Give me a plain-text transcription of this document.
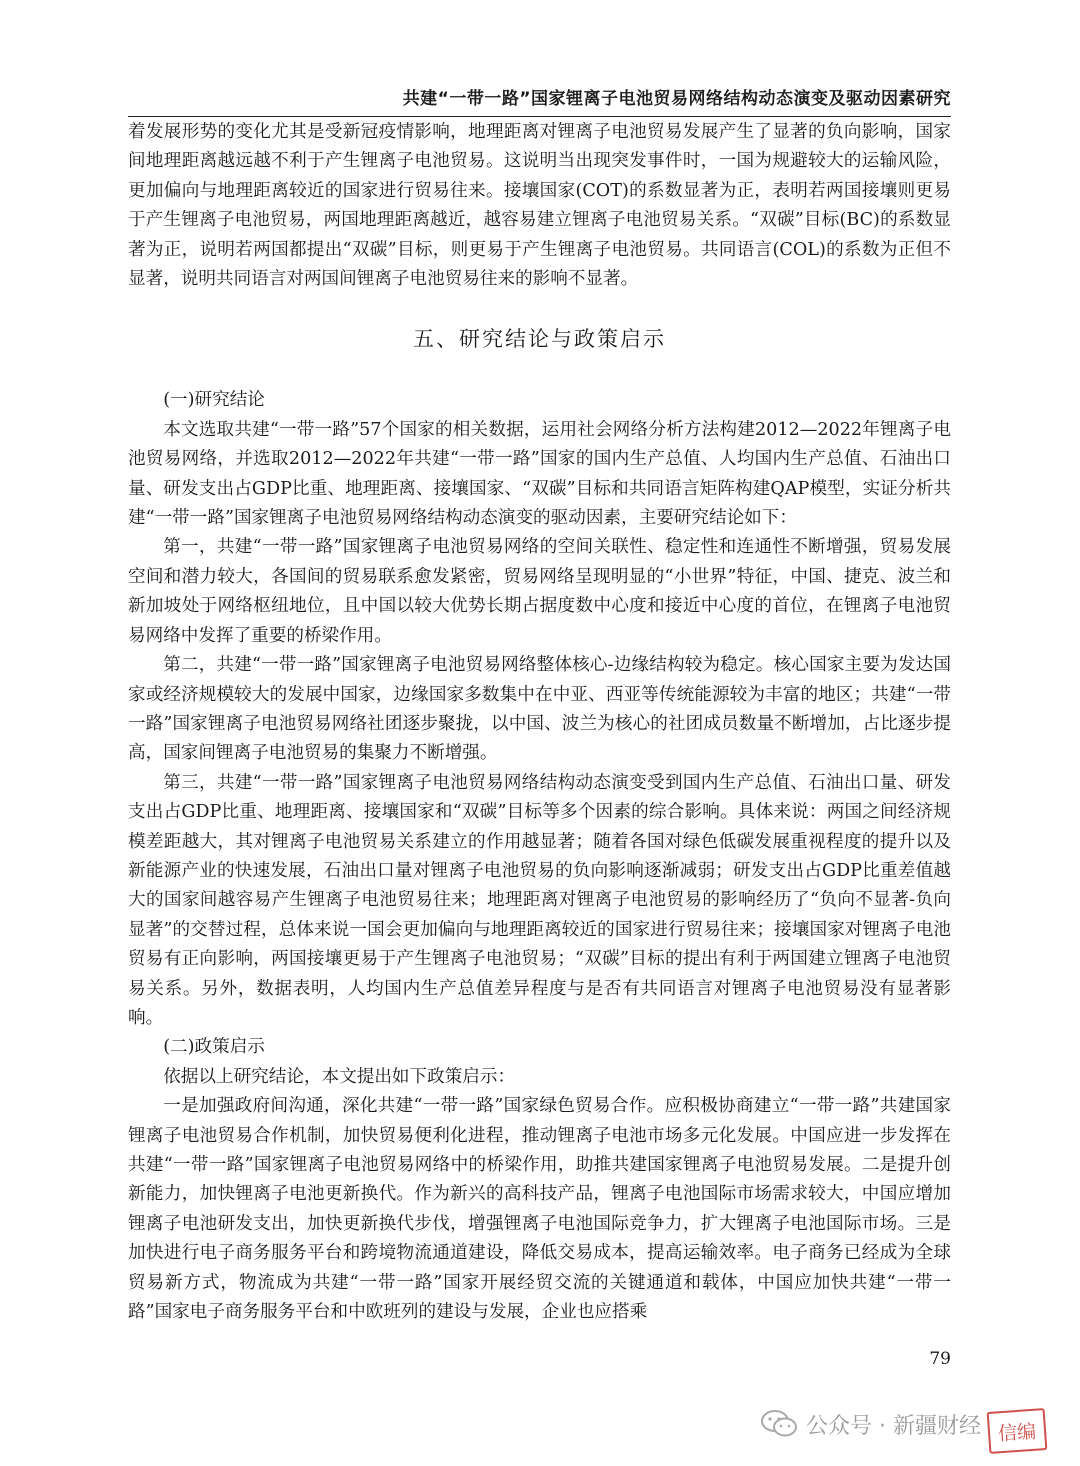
共建“一带一路”国家锂离子电池贸易网络结构动态演变及驱动因素研究

着发展形势的变化尤其是受新冠疫情影响，地理距离对锂离子电池贸易发展产生了显著的负向影响，国家间地理距离越远越不利于产生锂离子电池贸易。这说明当出现突发事件时，一国为规避较大的运输风险，更加偏向与地理距离较近的国家进行贸易往来。接壤国家(COT)的系数显著为正，表明若两国接壤则更易于产生锂离子电池贸易，两国地理距离越近，越容易建立锂离子电池贸易关系。“双碳”目标(BC)的系数显著为正，说明若两国都提出“双碳”目标，则更易于产生锂离子电池贸易。共同语言(COL)的系数为正但不显著，说明共同语言对两国间锂离子电池贸易往来的影响不显著。

五、研究结论与政策启示

(一)研究结论

本文选取共建“一带一路”57个国家的相关数据，运用社会网络分析方法构建2012—2022年锂离子电池贸易网络，并选取2012—2022年共建“一带一路”国家的国内生产总值、人均国内生产总值、石油出口量、研发支出占GDP比重、地理距离、接壤国家、“双碳”目标和共同语言矩阵构建QAP模型，实证分析共建“一带一路”国家锂离子电池贸易网络结构动态演变的驱动因素，主要研究结论如下：

第一，共建“一带一路”国家锂离子电池贸易网络的空间关联性、稳定性和连通性不断增强，贸易发展空间和潜力较大，各国间的贸易联系愈发紧密，贸易网络呈现明显的“小世界”特征，中国、捷克、波兰和新加坡处于网络枢纽地位，且中国以较大优势长期占据度数中心度和接近中心度的首位，在锂离子电池贸易网络中发挥了重要的桥梁作用。

第二，共建“一带一路”国家锂离子电池贸易网络整体核心-边缘结构较为稳定。核心国家主要为发达国家或经济规模较大的发展中国家，边缘国家多数集中在中亚、西亚等传统能源较为丰富的地区；共建“一带一路”国家锂离子电池贸易网络社团逐步聚拢，以中国、波兰为核心的社团成员数量不断增加，占比逐步提高，国家间锂离子电池贸易的集聚力不断增强。

第三，共建“一带一路”国家锂离子电池贸易网络结构动态演变受到国内生产总值、石油出口量、研发支出占GDP比重、地理距离、接壤国家和“双碳”目标等多个因素的综合影响。具体来说：两国之间经济规模差距越大，其对锂离子电池贸易关系建立的作用越显著；随着各国对绿色低碳发展重视程度的提升以及新能源产业的快速发展，石油出口量对锂离子电池贸易的负向影响逐渐减弱；研发支出占GDP比重差值越大的国家间越容易产生锂离子电池贸易往来；地理距离对锂离子电池贸易的影响经历了“负向不显著-负向显著”的交替过程，总体来说一国会更加偏向与地理距离较近的国家进行贸易往来；接壤国家对锂离子电池贸易有正向影响，两国接壤更易于产生锂离子电池贸易；“双碳”目标的提出有利于两国建立锂离子电池贸易关系。另外，数据表明，人均国内生产总值差异程度与是否有共同语言对锂离子电池贸易没有显著影响。

(二)政策启示

依据以上研究结论，本文提出如下政策启示：

一是加强政府间沟通，深化共建“一带一路”国家绿色贸易合作。应积极协商建立“一带一路”共建国家锂离子电池贸易合作机制，加快贸易便利化进程，推动锂离子电池市场多元化发展。中国应进一步发挥在共建“一带一路”国家锂离子电池贸易网络中的桥梁作用，助推共建国家锂离子电池贸易发展。二是提升创新能力，加快锂离子电池更新换代。作为新兴的高科技产品，锂离子电池国际市场需求较大，中国应增加锂离子电池研发支出，加快更新换代步伐，增强锂离子电池国际竞争力，扩大锂离子电池国际市场。三是加快进行电子商务服务平台和跨境物流通道建设，降低交易成本，提高运输效率。电子商务已经成为全球贸易新方式，物流成为共建“一带一路”国家开展经贸交流的关键通道和载体，中国应加快共建“一带一路”国家电子商务服务平台和中欧班列的建设与发展，企业也应搭乘

79
公众号 · 新疆财经 信编
